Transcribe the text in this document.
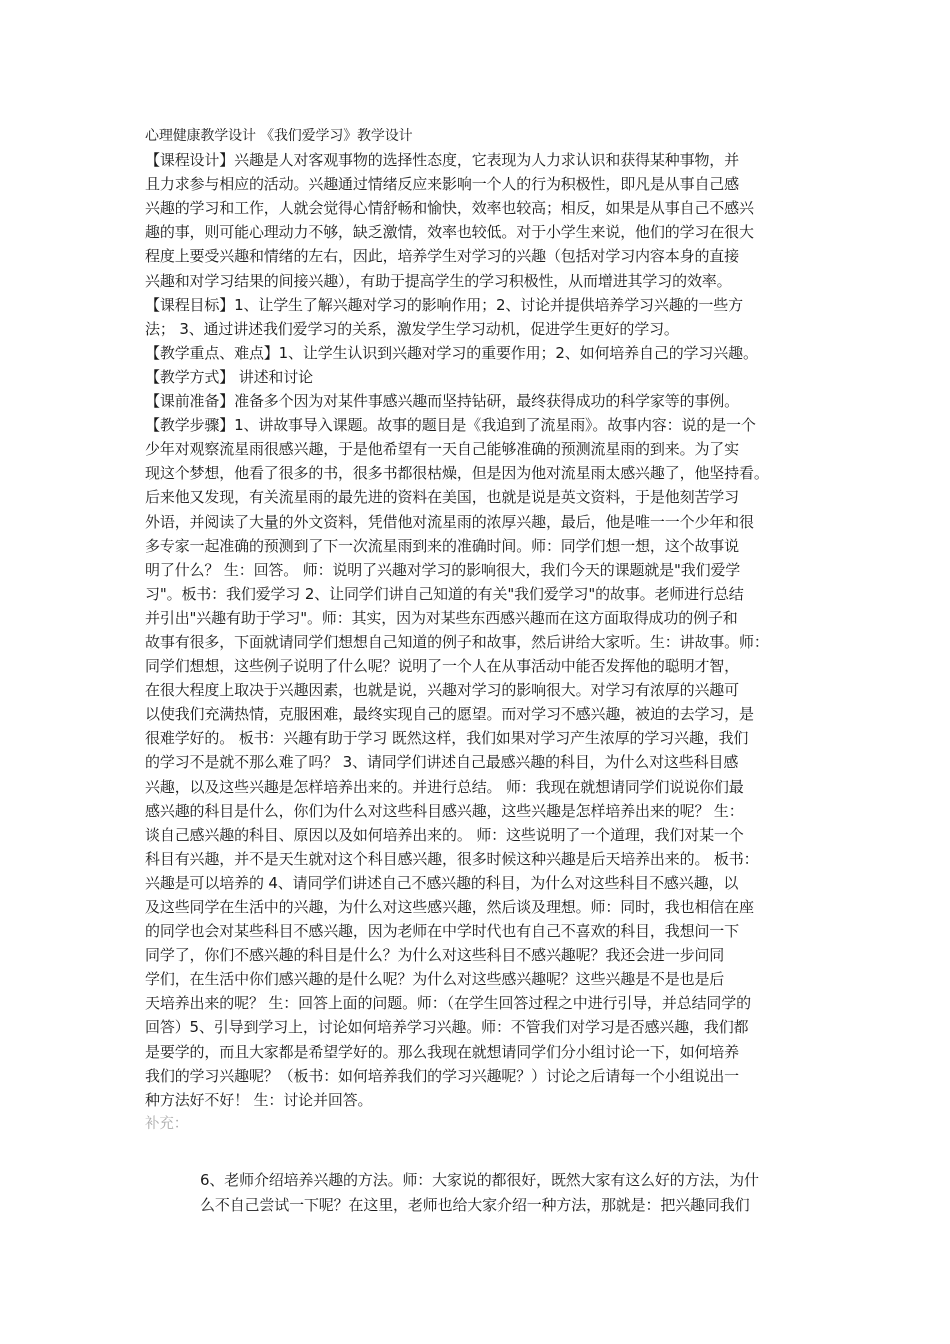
心理健康教学设计 《我们爱学习》教学设计
【课程设计】兴趣是人对客观事物的选择性态度，它表现为人力求认识和获得某种事物，并
且力求参与相应的活动。兴趣通过情绪反应来影响一个人的行为积极性，即凡是从事自己感
兴趣的学习和工作，人就会觉得心情舒畅和愉快，效率也较高；相反，如果是从事自己不感兴
趣的事，则可能心理动力不够，缺乏激情，效率也较低。对于小学生来说，他们的学习在很大
程度上要受兴趣和情绪的左右，因此，培养学生对学习的兴趣（包括对学习内容本身的直接
兴趣和对学习结果的间接兴趣），有助于提高学生的学习积极性，从而增进其学习的效率。
【课程目标】1、让学生了解兴趣对学习的影响作用；2、讨论并提供培养学习兴趣的一些方
法； 3、通过讲述我们爱学习的关系，激发学生学习动机，促进学生更好的学习。
【教学重点、难点】1、让学生认识到兴趣对学习的重要作用；2、如何培养自己的学习兴趣。
【教学方式】 讲述和讨论
【课前准备】准备多个因为对某件事感兴趣而坚持钻研，最终获得成功的科学家等的事例。
【教学步骤】1、讲故事导入课题。故事的题目是《我追到了流星雨》。故事内容：说的是一个
少年对观察流星雨很感兴趣，于是他希望有一天自己能够准确的预测流星雨的到来。为了实
现这个梦想，他看了很多的书，很多书都很枯燥，但是因为他对流星雨太感兴趣了，他坚持看。
后来他又发现，有关流星雨的最先进的资料在美国，也就是说是英文资料，于是他刻苦学习
外语，并阅读了大量的外文资料，凭借他对流星雨的浓厚兴趣，最后，他是唯一一个少年和很
多专家一起准确的预测到了下一次流星雨到来的准确时间。师：同学们想一想，这个故事说
明了什么？ 生：回答。 师：说明了兴趣对学习的影响很大，我们今天的课题就是"我们爱学
习"。板书：我们爱学习 2、让同学们讲自己知道的有关"我们爱学习"的故事。老师进行总结
并引出"兴趣有助于学习"。师：其实，因为对某些东西感兴趣而在这方面取得成功的例子和
故事有很多，下面就请同学们想想自己知道的例子和故事，然后讲给大家听。生：讲故事。师：
同学们想想，这些例子说明了什么呢？说明了一个人在从事活动中能否发挥他的聪明才智，
在很大程度上取决于兴趣因素，也就是说，兴趣对学习的影响很大。对学习有浓厚的兴趣可
以使我们充满热情，克服困难，最终实现自己的愿望。而对学习不感兴趣，被迫的去学习，是
很难学好的。 板书：兴趣有助于学习 既然这样，我们如果对学习产生浓厚的学习兴趣，我们
的学习不是就不那么难了吗？ 3、请同学们讲述自己最感兴趣的科目，为什么对这些科目感
兴趣，以及这些兴趣是怎样培养出来的。并进行总结。 师：我现在就想请同学们说说你们最
感兴趣的科目是什么，你们为什么对这些科目感兴趣，这些兴趣是怎样培养出来的呢？ 生：
谈自己感兴趣的科目、原因以及如何培养出来的。 师：这些说明了一个道理，我们对某一个
科目有兴趣，并不是天生就对这个科目感兴趣，很多时候这种兴趣是后天培养出来的。 板书：
兴趣是可以培养的 4、请同学们讲述自己不感兴趣的科目，为什么对这些科目不感兴趣，以
及这些同学在生活中的兴趣，为什么对这些感兴趣，然后谈及理想。师：同时，我也相信在座
的同学也会对某些科目不感兴趣，因为老师在中学时代也有自己不喜欢的科目，我想问一下
同学了，你们不感兴趣的科目是什么？为什么对这些科目不感兴趣呢？我还会进一步问同
学们，在生活中你们感兴趣的是什么呢？为什么对这些感兴趣呢？这些兴趣是不是也是后
天培养出来的呢？ 生：回答上面的问题。师：（在学生回答过程之中进行引导，并总结同学的
回答）5、引导到学习上，讨论如何培养学习兴趣。师：不管我们对学习是否感兴趣，我们都
是要学的，而且大家都是希望学好的。那么我现在就想请同学们分小组讨论一下，如何培养
我们的学习兴趣呢？（板书：如何培养我们的学习兴趣呢？）讨论之后请每一个小组说出一
种方法好不好！ 生：讨论并回答。
补充：
6、老师介绍培养兴趣的方法。师：大家说的都很好，既然大家有这么好的方法，为什
么不自己尝试一下呢？在这里，老师也给大家介绍一种方法，那就是：把兴趣同我们
